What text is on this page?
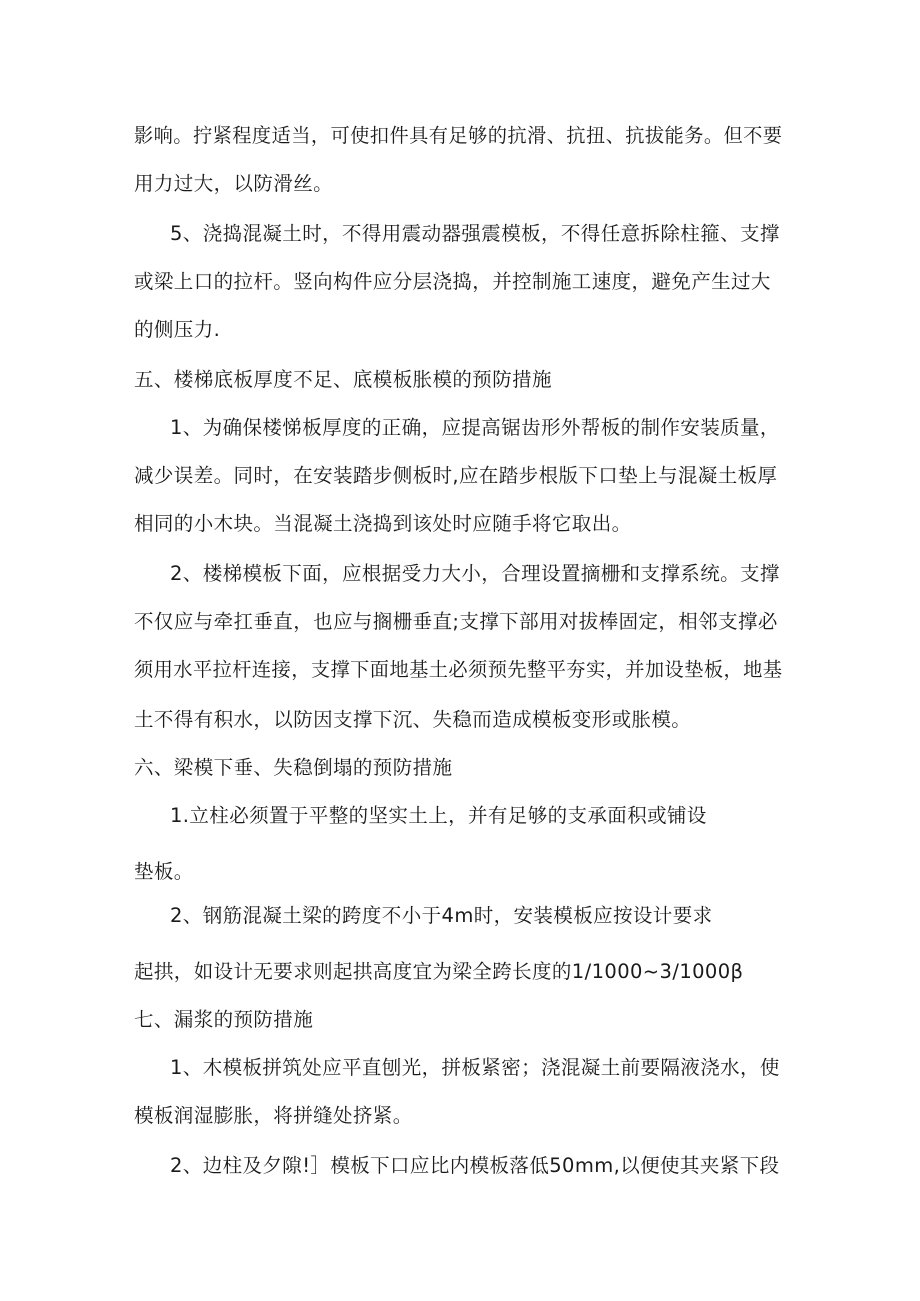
影响。拧紧程度适当，可使扣件具有足够的抗滑、抗扭、抗拔能务。但不要
用力过大，以防滑丝。
5、浇捣混凝土时，不得用震动器强震模板，不得任意拆除柱箍、支撑
或梁上口的拉杆。竖向构件应分层浇捣，并控制施工速度，避免产生过大
的侧压力.
五、楼梯底板厚度不足、底模板胀模的预防措施
1、为确保楼悌板厚度的正确，应提高锯齿形外帮板的制作安装质量，
减少误差。同时，在安装踏步侧板时,应在踏步根版下口垫上与混凝土板厚
相同的小木块。当混凝土浇捣到该处时应随手将它取出。
2、楼梯模板下面，应根据受力大小，合理设置摘栅和支撑系统。支撑
不仅应与牵扛垂直，也应与搁栅垂直;支撑下部用对拔棒固定，相邻支撑必
须用水平拉杆连接，支撑下面地基土必须预先整平夯实，并加设垫板，地基
土不得有积水，以防因支撑下沉、失稳而造成模板变形或胀模。
六、梁模下垂、失稳倒塌的预防措施
1.立柱必须置于平整的坚实土上，并有足够的支承面积或铺设
垫板。
2、钢筋混凝土梁的跨度不小于4m时，安装模板应按设计要求
起拱，如设计无要求则起拱高度宜为梁全跨长度的1/1000~3/1000β
七、漏浆的预防措施
1、木模板拼筑处应平直刨光，拼板紧密；浇混凝土前要隔液浇水，使
模板润湿膨胀，将拼缝处挤紧。
2、边柱及夕隙!］模板下口应比内模板落低50mm,以便使其夹紧下段
